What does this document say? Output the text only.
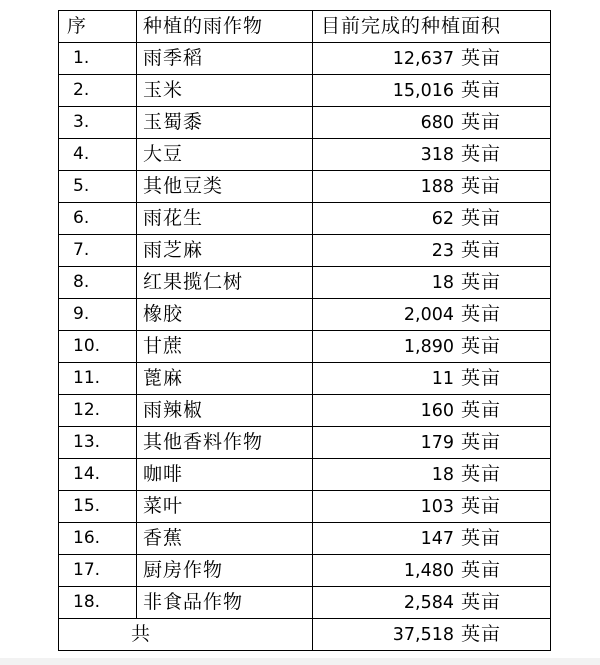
序	种植的雨作物	目前完成的种植面积
1.	雨季稻	12,637 英亩

2.	玉米	15,016 英亩

3.	玉蜀黍	680 英亩

4.	大豆	318 英亩

5.	其他豆类	188 英亩

6.	雨花生	62 英亩

7.	雨芝麻	23 英亩

8.	红果揽仁树	18 英亩

9.	橡胶	2,004 英亩

10.	甘蔗	1,890 英亩

11.	蓖麻	11 英亩

12.	雨辣椒	160 英亩

13.	其他香料作物	179 英亩

14.	咖啡	18 英亩

15.	菜叶	103 英亩

16.	香蕉	147 英亩

17.	厨房作物	1,480 英亩

18.	非食品作物	2,584 英亩

共		37,518 英亩
